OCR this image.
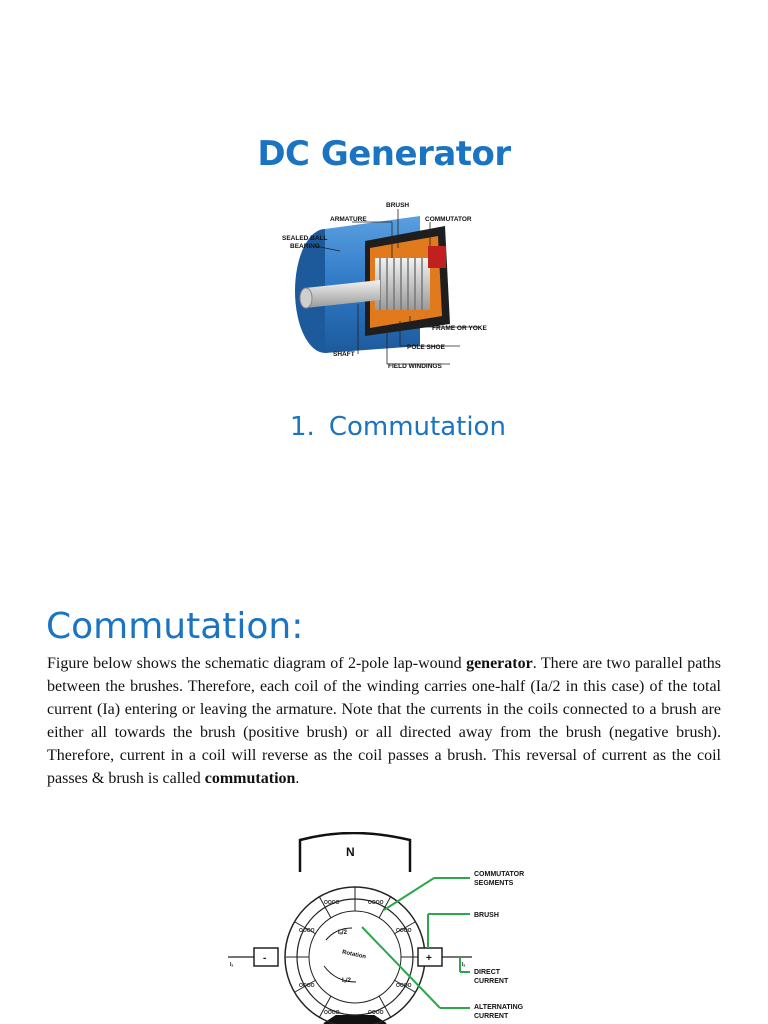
DC Generator
BRUSH
ARMATURE	COMMUTATOR
SEALED BALL
BEARING
FRAME OR YOKE
POLE SHOE
SHAFT
FIELD WINDINGS
1. Commutation
Commutation:

Figure below shows the schematic diagram of 2-pole lap-wound generator. There are two parallel paths between the brushes. Therefore, each coil of the winding carries one-half (Ia/2 in this case) of the total current (Ia) entering or leaving the armature. Note that the currents in the coils connected to a brush are either all towards the brush (positive brush) or all directed away from the brush (negative brush). Therefore, current in a coil will reverse as the coil passes a brush. This reversal of current as the coil passes & brush is called commutation.

N
OOOO	OOOO
OOOO	OOOO
OOOO	OOOO
OOOO	OOOO
-	+
Iₐ	Iₐ
Iₐ/2
Rotation
Iₐ/2
COMMUTATOR
SEGMENTS
BRUSH
DIRECT
CURRENT
ALTERNATING
CURRENT
